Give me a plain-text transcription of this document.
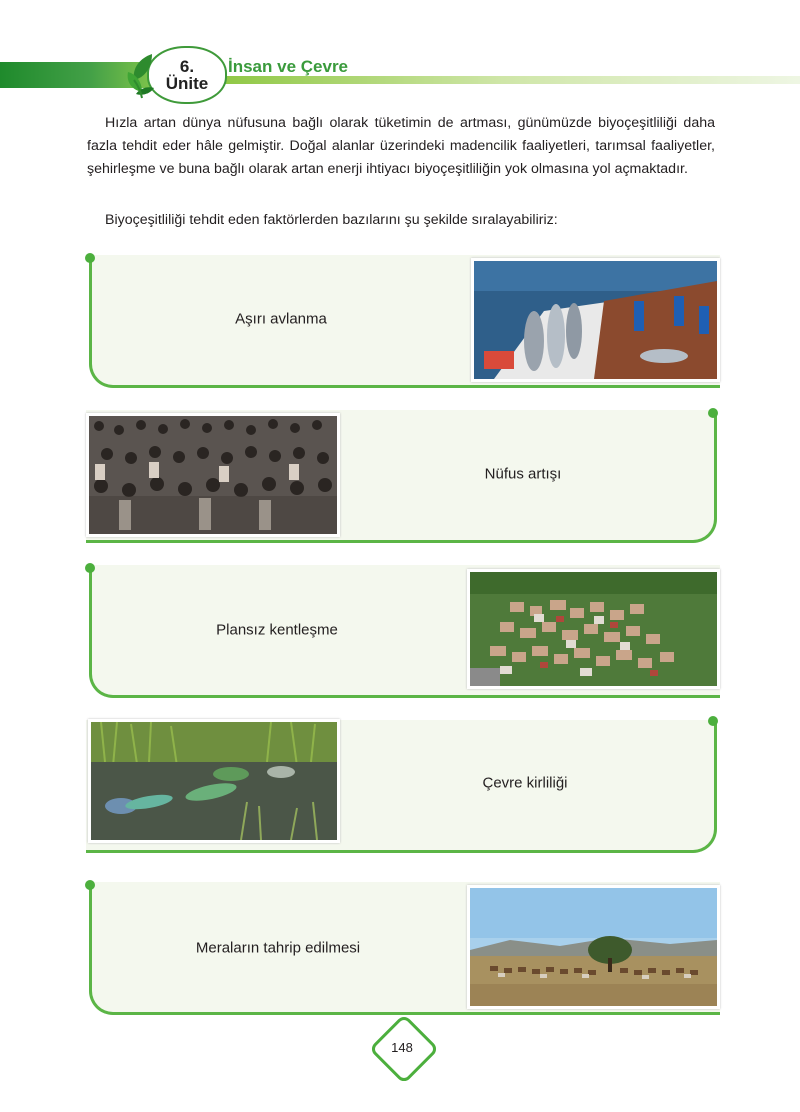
6.
Ünite
İnsan ve Çevre

Hızla artan dünya nüfusuna bağlı olarak tüketimin de artması, günümüzde biyoçeşitliliği daha fazla tehdit eder hâle gelmiştir. Doğal alanlar üzerindeki madencilik faaliyetleri, tarımsal faaliyetler, şehirleşme ve buna bağlı olarak artan enerji ihtiyacı biyoçeşitliliğin yok olmasına yol açmaktadır.

Biyoçeşitliliği tehdit eden faktörlerden bazılarını şu şekilde sıralayabiliriz:

Aşırı avlanma
Nüfus artışı
Plansız kentleşme
Çevre kirliliği
Meraların tahrip edilmesi
148
